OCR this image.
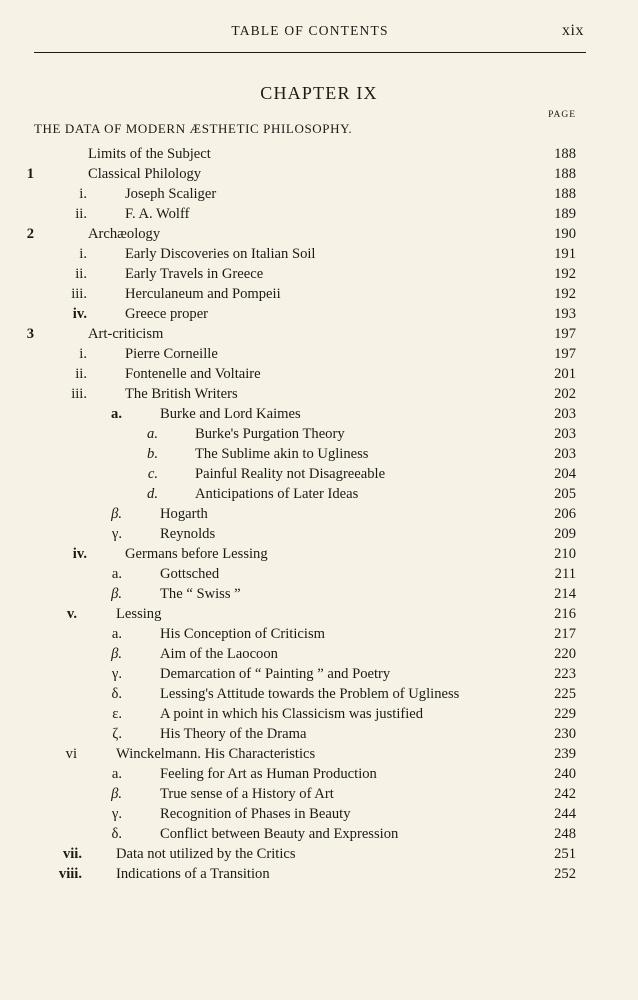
TABLE OF CONTENTS	xix
CHAPTER IX
PAGE
THE DATA OF MODERN ÆSTHETIC PHILOSOPHY.
Limits of the Subject	188
1	Classical Philology	188
i.	Joseph Scaliger	188
ii.	F. A. Wolff	189
2	Archæology	190
i.	Early Discoveries on Italian Soil	191
ii.	Early Travels in Greece	192
iii.	Herculaneum and Pompeii	192
iv.	Greece proper	193
3	Art-criticism	197
i.	Pierre Corneille	197
ii.	Fontenelle and Voltaire	201
iii.	The British Writers	202
a.	Burke and Lord Kaimes	203
a.	Burke's Purgation Theory	203
b.	The Sublime akin to Ugliness	203
c.	Painful Reality not Disagreeable	204
d.	Anticipations of Later Ideas	205
β.	Hogarth	206
γ.	Reynolds	209
iv.	Germans before Lessing	210
a.	Gottsched	211
β.	The “ Swiss ”	214
v.	Lessing	216
a.	His Conception of Criticism	217
β.	Aim of the Laocoon	220
γ.	Demarcation of “ Painting ” and Poetry	223
δ.	Lessing's Attitude towards the Problem of Ugliness	225
ε.	A point in which his Classicism was justified	229
ζ.	His Theory of the Drama	230
vi	Winckelmann. His Characteristics	239
a.	Feeling for Art as Human Production	240
β.	True sense of a History of Art	242
γ.	Recognition of Phases in Beauty	244
δ.	Conflict between Beauty and Expression	248
vii. Data not utilized by the Critics	251
viii. Indications of a Transition	252
